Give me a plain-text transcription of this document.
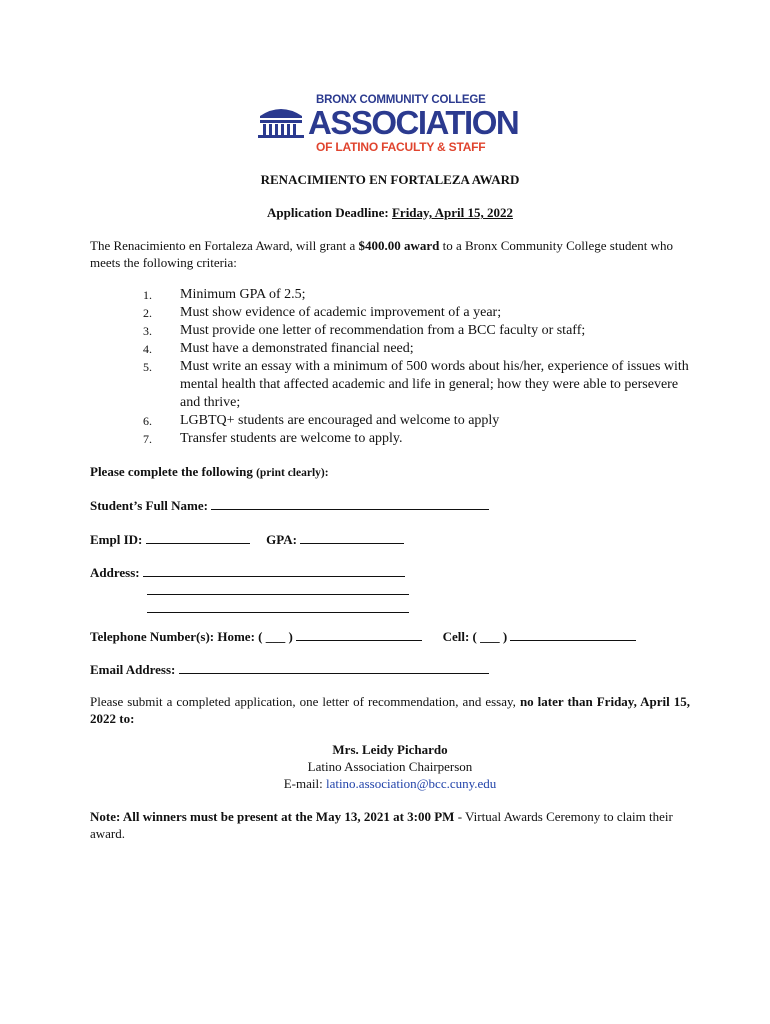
BRONX COMMUNITY COLLEGE
ASSOCIATION
OF LATINO FACULTY & STAFF
RENACIMIENTO EN FORTALEZA AWARD
Application Deadline: Friday, April 15, 2022
The Renacimiento en Fortaleza Award, will grant a $400.00 award to a Bronx Community College student who meets the following criteria:
1. Minimum GPA of 2.5;
2. Must show evidence of academic improvement of a year;
3. Must provide one letter of recommendation from a BCC faculty or staff;
4. Must have a demonstrated financial need;
5. Must write an essay with a minimum of 500 words about his/her, experience of issues with mental health that affected academic and life in general; how they were able to persevere and thrive;
6. LGBTQ+ students are encouraged and welcome to apply
7. Transfer students are welcome to apply.
Please complete the following (print clearly):
Student’s Full Name:
Empl ID:	GPA:
Address:
Telephone Number(s): Home: ( ___ )	Cell: ( ___ )
Email Address:
Please submit a completed application, one letter of recommendation, and essay, no later than Friday, April 15, 2022 to:
Mrs. Leidy Pichardo
Latino Association Chairperson
E-mail: latino.association@bcc.cuny.edu
Note: All winners must be present at the May 13, 2021 at 3:00 PM - Virtual Awards Ceremony to claim their award.
